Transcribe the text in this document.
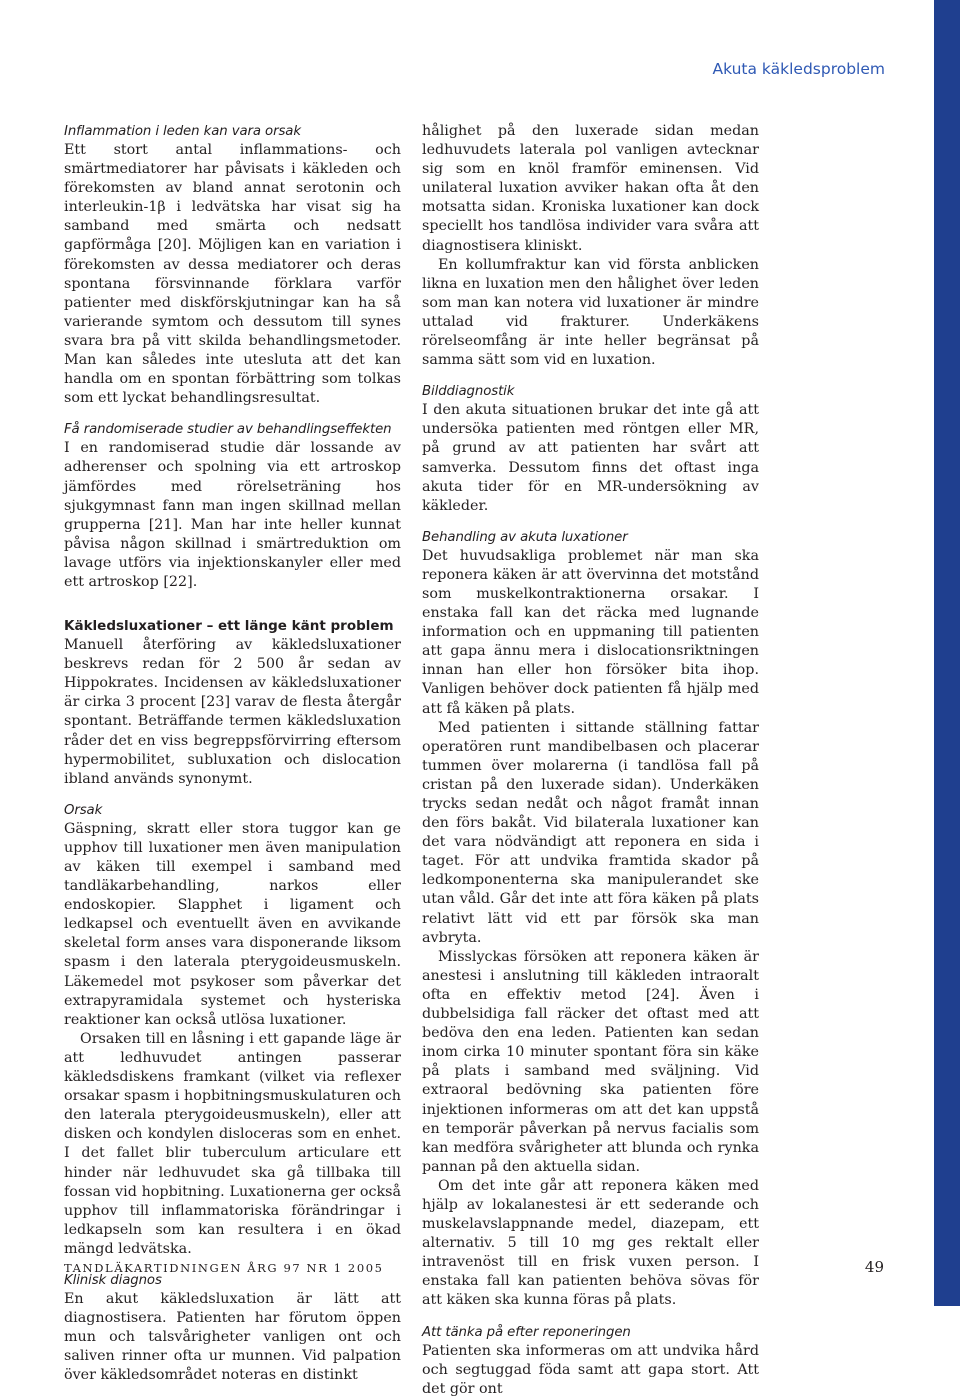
Akuta käkledsproblem
Inflammation i leden kan vara orsak

Ett stort antal inflammations- och smärtmediatorer har påvisats i käkleden och förekomsten av bland annat serotonin och interleukin-1β i ledvätska har visat sig ha samband med smärta och nedsatt gapförmåga [20]. Möjligen kan en variation i förekomsten av dessa mediatorer och deras spontana försvinnande förklara varför patienter med diskförskjutningar kan ha så varierande symtom och dessutom till synes svara bra på vitt skilda behandlingsmetoder. Man kan således inte utesluta att det kan handla om en spontan förbättring som tolkas som ett lyckat behandlingsresultat.

Få randomiserade studier av behandlingseffekten

I en randomiserad studie där lossande av adherenser och spolning via ett artroskop jämfördes med rörelseträning hos sjukgymnast fann man ingen skillnad mellan grupperna [21]. Man har inte heller kunnat påvisa någon skillnad i smärtreduktion om lavage utförs via injektionskanyler eller med ett artroskop [22].

Käkledsluxationer – ett länge känt problem

Manuell återföring av käkledsluxationer beskrevs redan för 2 500 år sedan av Hippokrates. Incidensen av käkledsluxationer är cirka 3 procent [23] varav de flesta återgår spontant. Beträffande termen käkledsluxation råder det en viss begreppsförvirring eftersom hypermobilitet, subluxation och dislocation ibland används synonymt.

Orsak

Gäspning, skratt eller stora tuggor kan ge upphov till luxationer men även manipulation av käken till exempel i samband med tandläkarbehandling, narkos eller endoskopier. Slapphet i ligament och ledkapsel och eventuellt även en avvikande skeletal form anses vara disponerande liksom spasm i den laterala pterygoideusmuskeln. Läkemedel mot psykoser som påverkar det extrapyramidala systemet och hysteriska reaktioner kan också utlösa luxationer.

Orsaken till en låsning i ett gapande läge är att ledhuvudet antingen passerar käkledsdiskens framkant (vilket via reflexer orsakar spasm i hopbitningsmuskulaturen och den laterala pterygoideusmuskeln), eller att disken och kondylen disloceras som en enhet. I det fallet blir tuberculum articulare ett hinder när ledhuvudet ska gå tillbaka till fossan vid hopbitning. Luxationerna ger också upphov till inflammatoriska förändringar i ledkapseln som kan resultera i en ökad mängd ledvätska.

Klinisk diagnos

En akut käkledsluxation är lätt att diagnostisera. Patienten har förutom öppen mun och talsvårigheter vanligen ont och saliven rinner ofta ur munnen. Vid palpation över käkledsområdet noteras en distinkt

hålighet på den luxerade sidan medan ledhuvudets laterala pol vanligen avtecknar sig som en knöl framför eminensen. Vid unilateral luxation avviker hakan ofta åt den motsatta sidan. Kroniska luxationer kan dock speciellt hos tandlösa individer vara svåra att diagnostisera kliniskt.

En kollumfraktur kan vid första anblicken likna en luxation men den hålighet över leden som man kan notera vid luxationer är mindre uttalad vid frakturer. Underkäkens rörelseomfång är inte heller begränsat på samma sätt som vid en luxation.

Bilddiagnostik

I den akuta situationen brukar det inte gå att undersöka patienten med röntgen eller MR, på grund av att patienten har svårt att samverka. Dessutom finns det oftast inga akuta tider för en MR-undersökning av käkleder.

Behandling av akuta luxationer

Det huvudsakliga problemet när man ska reponera käken är att övervinna det motstånd som muskelkontraktionerna orsakar. I enstaka fall kan det räcka med lugnande information och en uppmaning till patienten att gapa ännu mera i dislocationsriktningen innan han eller hon försöker bita ihop. Vanligen behöver dock patienten få hjälp med att få käken på plats.

Med patienten i sittande ställning fattar operatören runt mandibelbasen och placerar tummen över molarerna (i tandlösa fall på cristan på den luxerade sidan). Underkäken trycks sedan nedåt och något framåt innan den förs bakåt. Vid bilaterala luxationer kan det vara nödvändigt att reponera en sida i taget. För att undvika framtida skador på ledkomponenterna ska manipulerandet ske utan våld. Går det inte att föra käken på plats relativt lätt vid ett par försök ska man avbryta.

Misslyckas försöken att reponera käken är anestesi i anslutning till käkleden intraoralt ofta en effektiv metod [24]. Även i dubbelsidiga fall räcker det oftast med att bedöva den ena leden. Patienten kan sedan inom cirka 10 minuter spontant föra sin käke på plats i samband med sväljning. Vid extraoral bedövning ska patienten före injektionen informeras om att det kan uppstå en temporär påverkan på nervus facialis som kan medföra svårigheter att blunda och rynka pannan på den aktuella sidan.

Om det inte går att reponera käken med hjälp av lokalanestesi är ett sederande och muskelavslappnande medel, diazepam, ett alternativ. 5 till 10 mg ges rektalt eller intravenöst till en frisk vuxen person. I enstaka fall kan patienten behöva sövas för att käken ska kunna föras på plats.

Att tänka på efter reponeringen

Patienten ska informeras om att undvika hård och segtuggad föda samt att gapa stort. Att det gör ont

TANDLÄKARTIDNINGEN ÅRG 97 NR 1 2005	49
